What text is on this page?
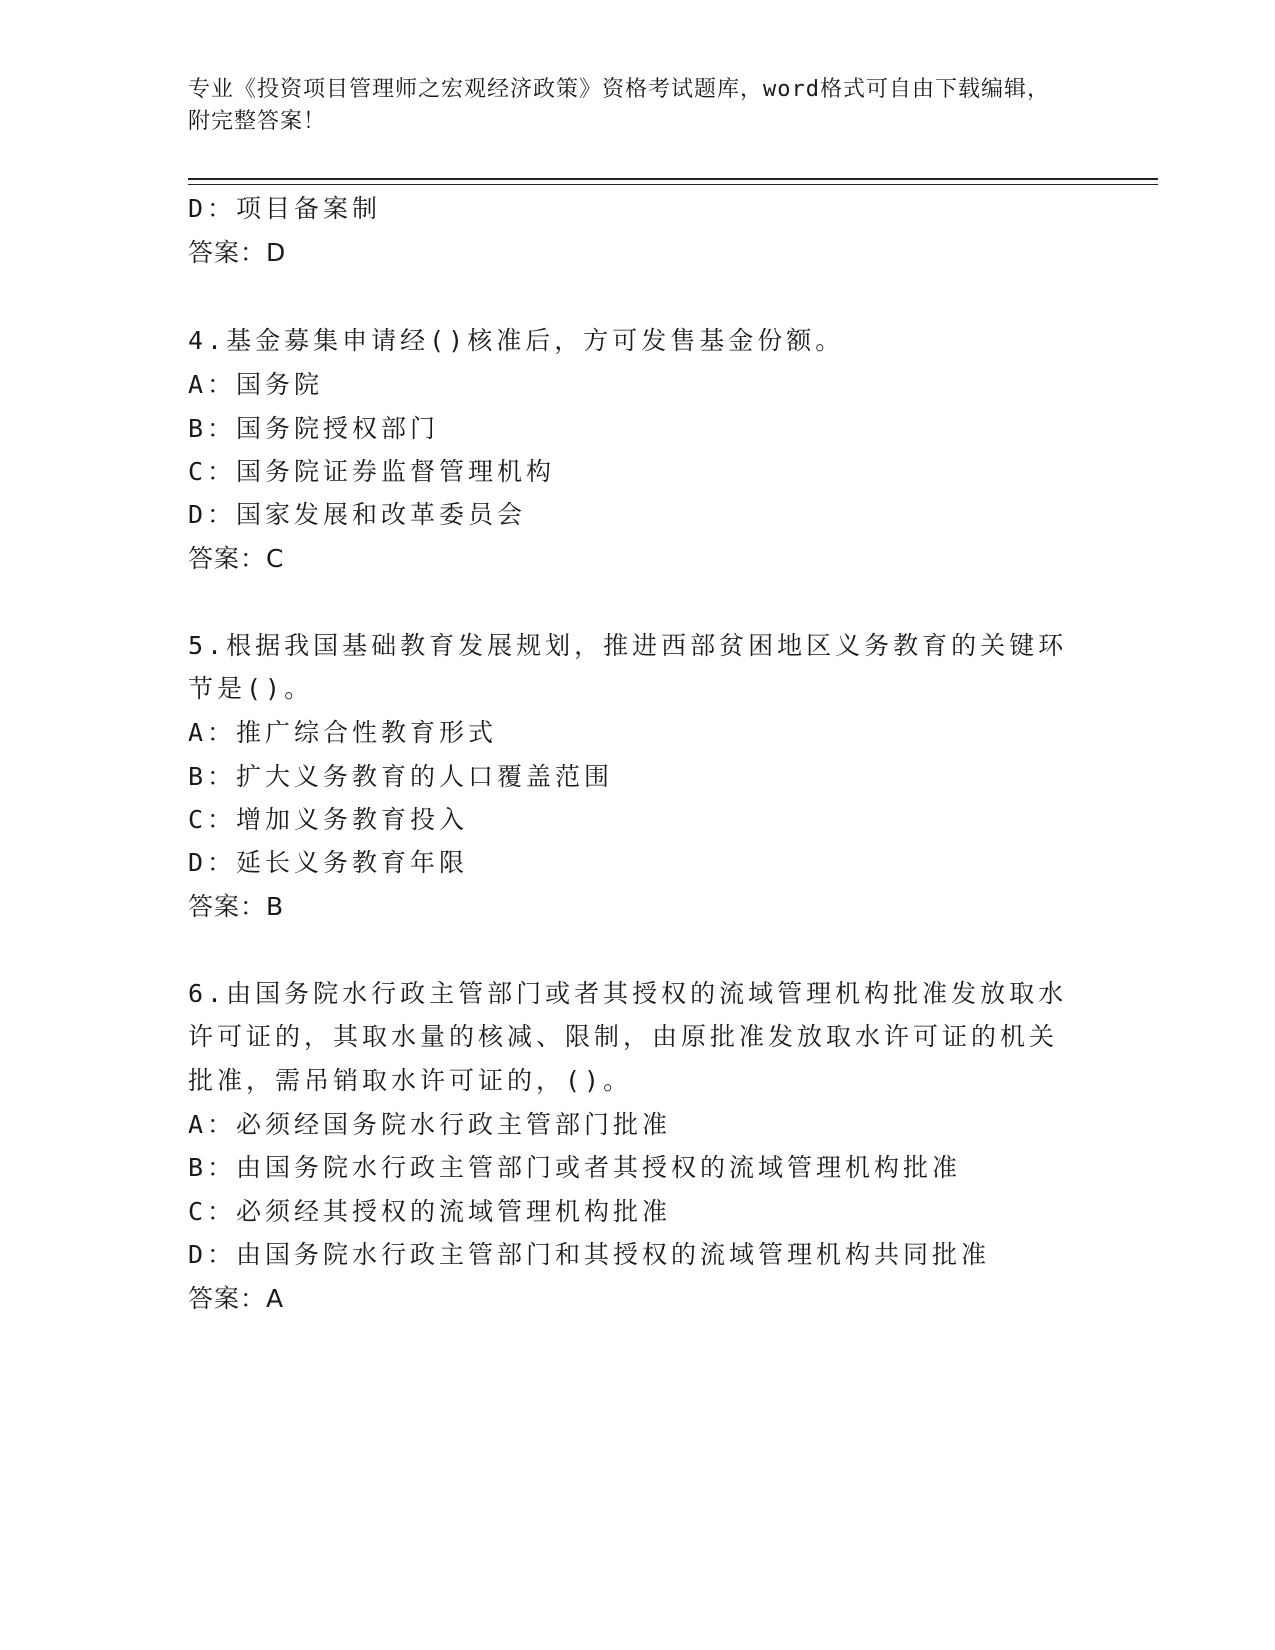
专业《投资项目管理师之宏观经济政策》资格考试题库，word格式可自由下载编辑，附完整答案！
D：项目备案制
答案：D
4.基金募集申请经()核准后，方可发售基金份额。
A：国务院
B：国务院授权部门
C：国务院证券监督管理机构
D：国家发展和改革委员会
答案：C
5.根据我国基础教育发展规划，推进西部贫困地区义务教育的关键环
节是()。
A：推广综合性教育形式
B：扩大义务教育的人口覆盖范围
C：增加义务教育投入
D：延长义务教育年限
答案：B
6.由国务院水行政主管部门或者其授权的流域管理机构批准发放取水
许可证的，其取水量的核减、限制，由原批准发放取水许可证的机关
批准，需吊销取水许可证的，()。
A：必须经国务院水行政主管部门批准
B：由国务院水行政主管部门或者其授权的流域管理机构批准
C：必须经其授权的流域管理机构批准
D：由国务院水行政主管部门和其授权的流域管理机构共同批准
答案：A
